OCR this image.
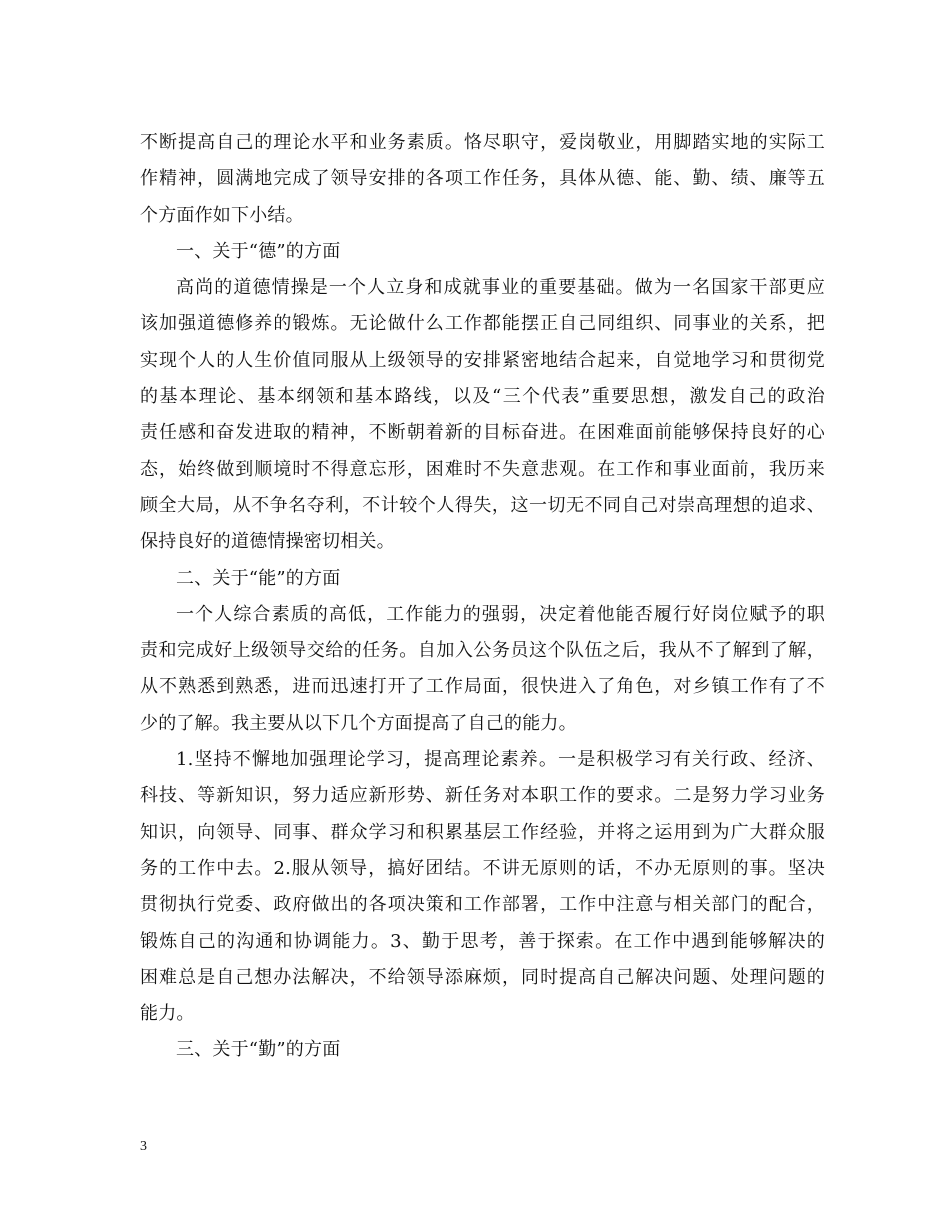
不断提高自己的理论水平和业务素质。恪尽职守，爱岗敬业，用脚踏实地的实际工
作精神，圆满地完成了领导安排的各项工作任务，具体从德、能、勤、绩、廉等五
个方面作如下小结。
一、关于“德”的方面
高尚的道德情操是一个人立身和成就事业的重要基础。做为一名国家干部更应
该加强道德修养的锻炼。无论做什么工作都能摆正自己同组织、同事业的关系，把
实现个人的人生价值同服从上级领导的安排紧密地结合起来，自觉地学习和贯彻党
的基本理论、基本纲领和基本路线，以及“三个代表”重要思想，激发自己的政治
责任感和奋发进取的精神，不断朝着新的目标奋进。在困难面前能够保持良好的心
态，始终做到顺境时不得意忘形，困难时不失意悲观。在工作和事业面前，我历来
顾全大局，从不争名夺利，不计较个人得失，这一切无不同自己对崇高理想的追求、
保持良好的道德情操密切相关。
二、关于“能”的方面
一个人综合素质的高低，工作能力的强弱，决定着他能否履行好岗位赋予的职
责和完成好上级领导交给的任务。自加入公务员这个队伍之后，我从不了解到了解，
从不熟悉到熟悉，进而迅速打开了工作局面，很快进入了角色，对乡镇工作有了不
少的了解。我主要从以下几个方面提高了自己的能力。
1.坚持不懈地加强理论学习，提高理论素养。一是积极学习有关行政、经济、
科技、等新知识，努力适应新形势、新任务对本职工作的要求。二是努力学习业务
知识，向领导、同事、群众学习和积累基层工作经验，并将之运用到为广大群众服
务的工作中去。2.服从领导，搞好团结。不讲无原则的话，不办无原则的事。坚决
贯彻执行党委、政府做出的各项决策和工作部署，工作中注意与相关部门的配合，
锻炼自己的沟通和协调能力。3、勤于思考，善于探索。在工作中遇到能够解决的
困难总是自己想办法解决，不给领导添麻烦，同时提高自己解决问题、处理问题的
能力。
三、关于“勤”的方面
3
